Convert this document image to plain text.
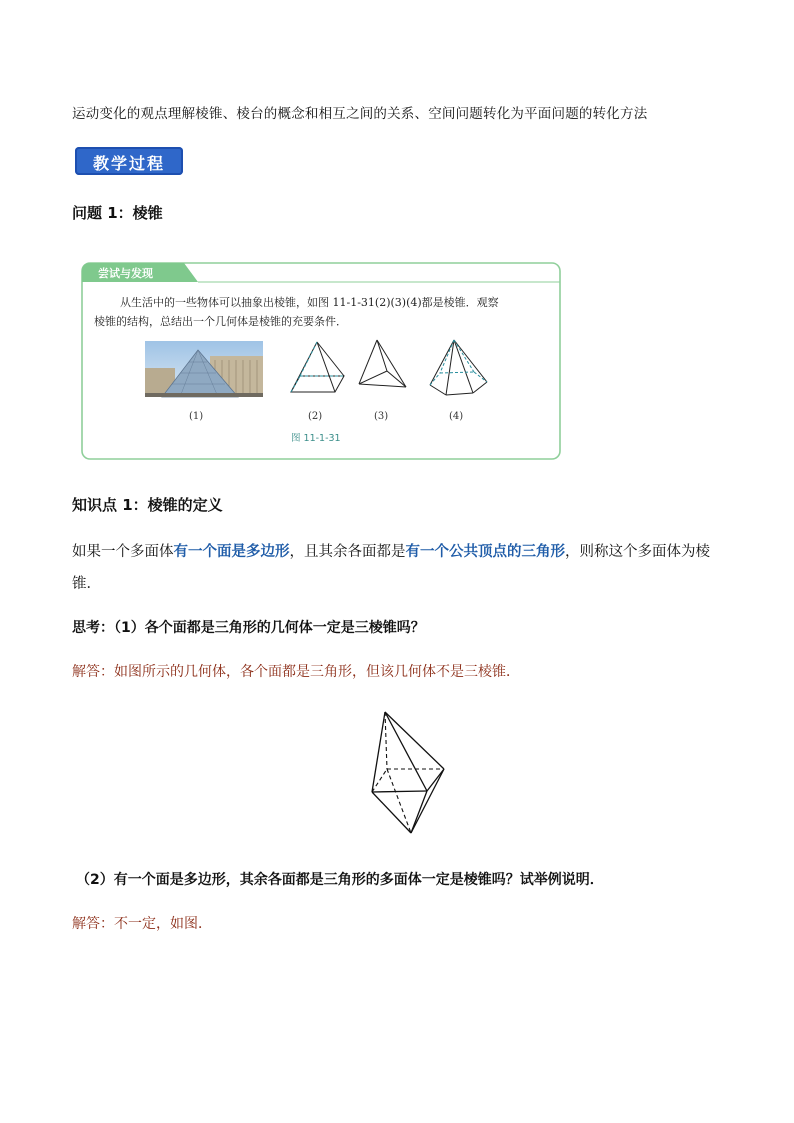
运动变化的观点理解棱锥、棱台的概念和相互之间的关系、空间问题转化为平面问题的转化方法
教学过程
问题 1：棱锥
尝试与发现
从生活中的一些物体可以抽象出棱锥，如图 11-1-31(2)(3)(4)都是棱锥．观察
棱锥的结构，总结出一个几何体是棱锥的充要条件．
(1)	(2)	(3)	(4)
图 11-1-31
知识点 1：棱锥的定义
如果一个多面体有一个面是多边形，且其余各面都是有一个公共顶点的三角形，则称这个多面体为棱锥．
思考：（1）各个面都是三角形的几何体一定是三棱锥吗？
解答：如图所示的几何体，各个面都是三角形，但该几何体不是三棱锥．
（2）有一个面是多边形，其余各面都是三角形的多面体一定是棱锥吗？试举例说明．
解答：不一定，如图．
